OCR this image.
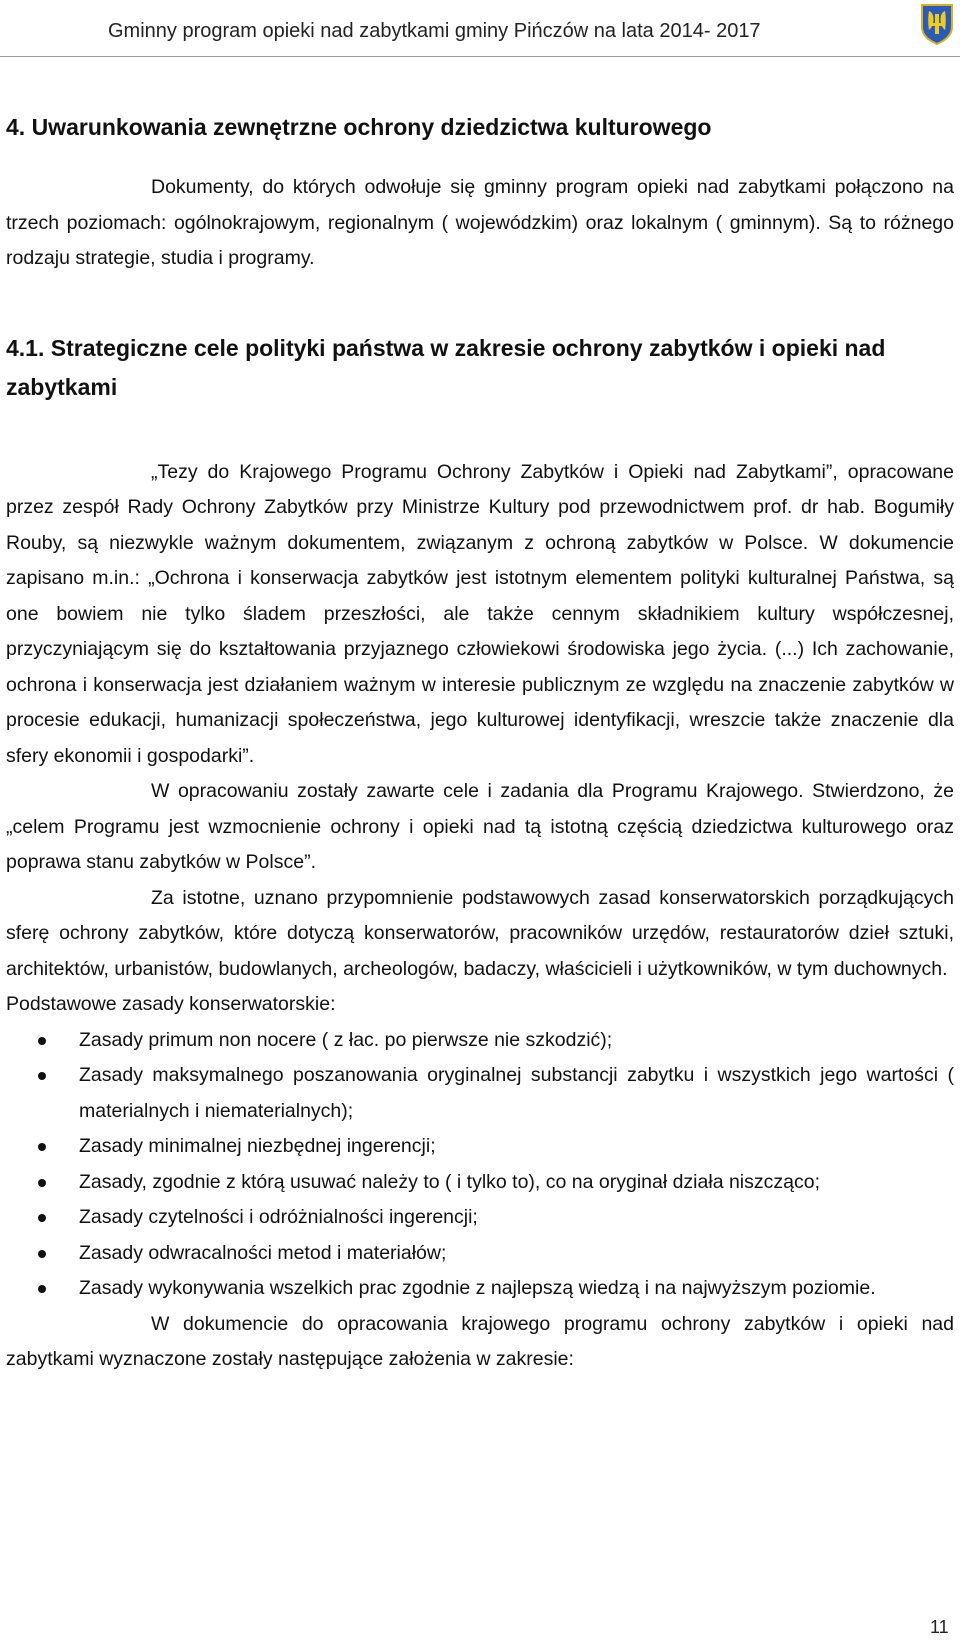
Gminny program opieki nad zabytkami gminy Pińczów na lata 2014- 2017
4. Uwarunkowania zewnętrzne ochrony dziedzictwa kulturowego

Dokumenty, do których odwołuje się gminny program opieki nad zabytkami połączono na trzech poziomach: ogólnokrajowym, regionalnym ( wojewódzkim) oraz lokalnym ( gminnym). Są to różnego rodzaju strategie, studia i programy.

4.1. Strategiczne cele polityki państwa w zakresie ochrony zabytków i opieki nad zabytkami

„Tezy do Krajowego Programu Ochrony Zabytków i Opieki nad Zabytkami”, opracowane przez zespół Rady Ochrony Zabytków przy Ministrze Kultury pod przewodnictwem prof. dr hab. Bogumiły Rouby, są niezwykle ważnym dokumentem, związanym z ochroną zabytków w Polsce. W dokumencie zapisano m.in.: „Ochrona i konserwacja zabytków jest istotnym elementem polityki kulturalnej Państwa, są one bowiem nie tylko śladem przeszłości, ale także cennym składnikiem kultury współczesnej, przyczyniającym się do kształtowania przyjaznego człowiekowi środowiska jego życia. (...) Ich zachowanie, ochrona i konserwacja jest działaniem ważnym w interesie publicznym ze względu na znaczenie zabytków w procesie edukacji, humanizacji społeczeństwa, jego kulturowej identyfikacji, wreszcie także znaczenie dla sfery ekonomii i gospodarki”.

W opracowaniu zostały zawarte cele i zadania dla Programu Krajowego. Stwierdzono, że „celem Programu jest wzmocnienie ochrony i opieki nad tą istotną częścią dziedzictwa kulturowego oraz poprawa stanu zabytków w Polsce”.

Za istotne, uznano przypomnienie podstawowych zasad konserwatorskich porządkujących sferę ochrony zabytków, które dotyczą konserwatorów, pracowników urzędów, restauratorów dzieł sztuki, architektów, urbanistów, budowlanych, archeologów, badaczy, właścicieli i użytkowników, w tym duchownych.

Podstawowe zasady konserwatorskie:

Zasady primum non nocere ( z łac. po pierwsze nie szkodzić);
Zasady maksymalnego poszanowania oryginalnej substancji zabytku i wszystkich jego wartości ( materialnych i niematerialnych);
Zasady minimalnej niezbędnej ingerencji;
Zasady, zgodnie z którą usuwać należy to ( i tylko to), co na oryginał działa niszcząco;
Zasady czytelności i odróżnialności ingerencji;
Zasady odwracalności metod i materiałów;
Zasady wykonywania wszelkich prac zgodnie z najlepszą wiedzą i na najwyższym poziomie.

W dokumencie do opracowania krajowego programu ochrony zabytków i opieki nad zabytkami wyznaczone zostały następujące założenia w zakresie:

11
